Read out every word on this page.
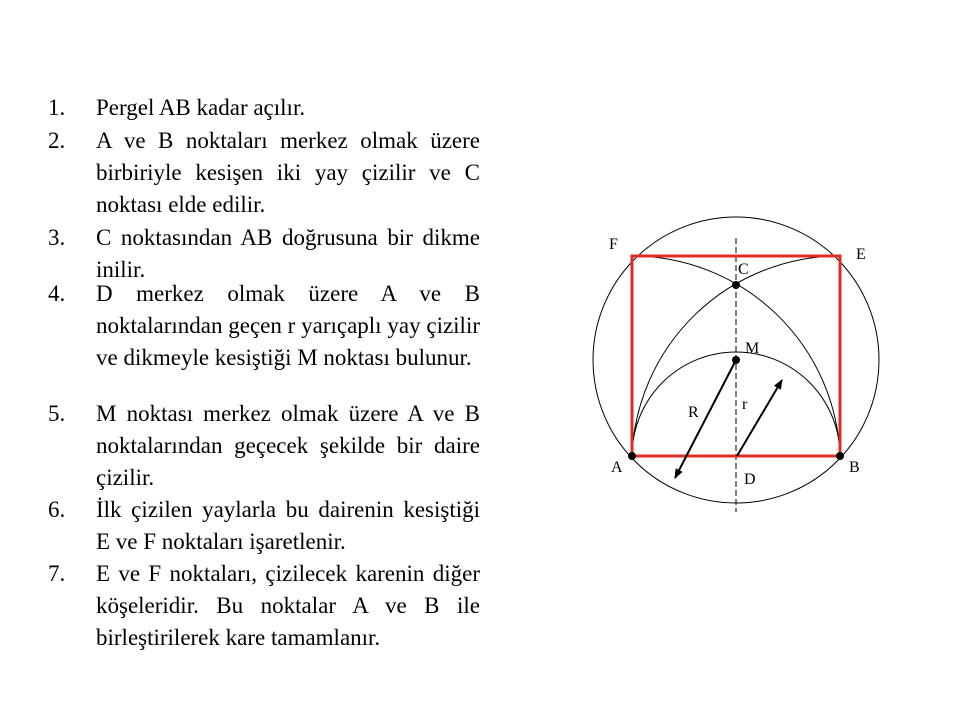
1.	Pergel AB kadar açılır.
2.	A ve B noktaları merkez olmak üzere birbiriyle kesişen iki yay çizilir ve C noktası elde edilir.
3.	C noktasından AB doğrusuna bir dikme inilir.
4.	D merkez olmak üzere A ve B noktalarından geçen r yarıçaplı yay çizilir ve dikmeyle kesiştiği M noktası bulunur.
5.	M noktası merkez olmak üzere A ve B noktalarından geçecek şekilde bir daire çizilir.
6.	İlk çizilen yaylarla bu dairenin kesiştiği E ve F noktaları işaretlenir.
7.	E ve F noktaları, çizilecek karenin diğer köşeleridir. Bu noktalar A ve B ile birleştirilerek kare tamamlanır.
F
E
C
M
r
R
A	B
D
